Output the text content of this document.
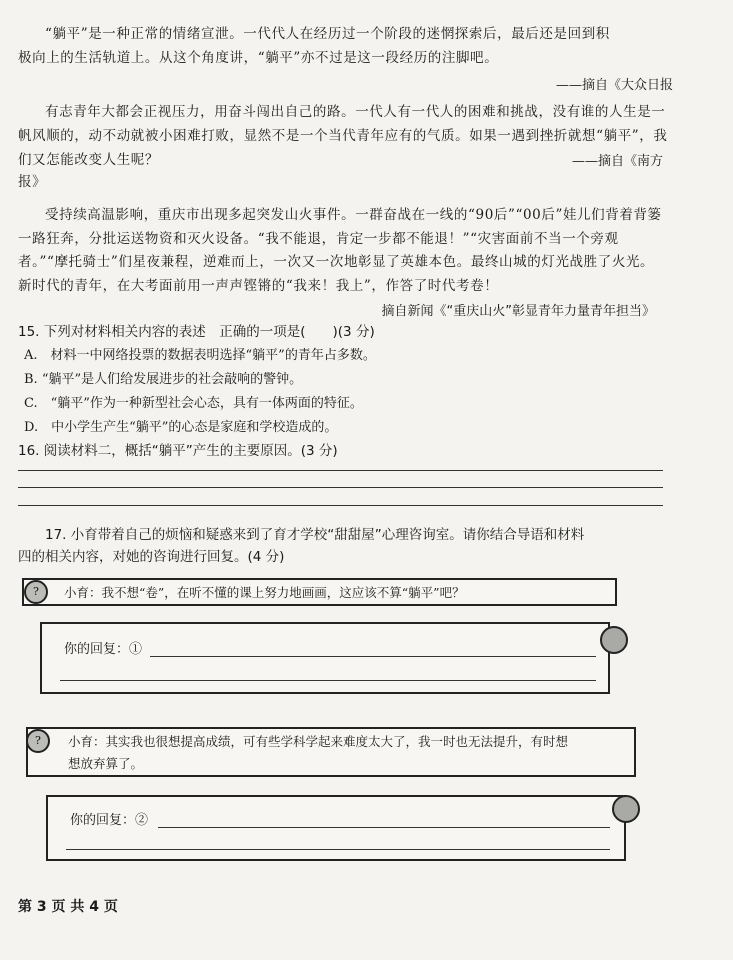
“躺平”是一种正常的情绪宣泄。一代代人在经历过一个阶段的迷惘探索后，最后还是回到积
极向上的生活轨道上。从这个角度讲，“躺平”亦不过是这一段经历的注脚吧。
——摘自《大众日报
有志青年大都会正视压力，用奋斗闯出自己的路。一代人有一代人的困难和挑战，没有谁的人生是一帆风顺的，动不动就被小困难打败，显然不是一个当代青年应有的气质。如果一遇到挫折就想“躺平”，我们又怎能改变人生呢？	——摘自《南方
报》
受持续高温影响，重庆市出现多起突发山火事件。一群奋战在一线的“90后”“00后”娃儿们背着背篓一路狂奔，分批运送物资和灭火设备。“我不能退，肯定一步都不能退！”“灾害面前不当一个旁观者。”“摩托骑士”们星夜兼程，逆难而上，一次又一次地彰显了英雄本色。最终山城的灯光战胜了火光。新时代的青年，在大考面前用一声声铿锵的“我来！我上”，作答了时代考卷！
摘自新闻《“重庆山火”彰显青年力量青年担当》
15. 下列对材料相关内容的表述　正确的一项是(　　)(3 分)
A.　材料一中网络投票的数据表明选择“躺平”的青年占多数。
B. “躺平”是人们给发展进步的社会敲响的警钟。
C.　“躺平”作为一种新型社会心态，具有一体两面的特征。
D.　中小学生产生“躺平”的心态是家庭和学校造成的。
16. 阅读材料二，概括“躺平”产生的主要原因。(3 分)
17. 小育带着自己的烦恼和疑惑来到了育才学校“甜甜屋”心理咨询室。请你结合导语和材料
四的相关内容，对她的咨询进行回复。(4 分)
小育：我不想“卷”，在听不懂的课上努力地画画，这应该不算“躺平”吧？
?
你的回复：①
小育：其实我也很想提高成绩，可有些学科学起来难度太大了，我一时也无法提升，有时想
想放弃算了。
?
你的回复：②
第 3 页 共 4 页
